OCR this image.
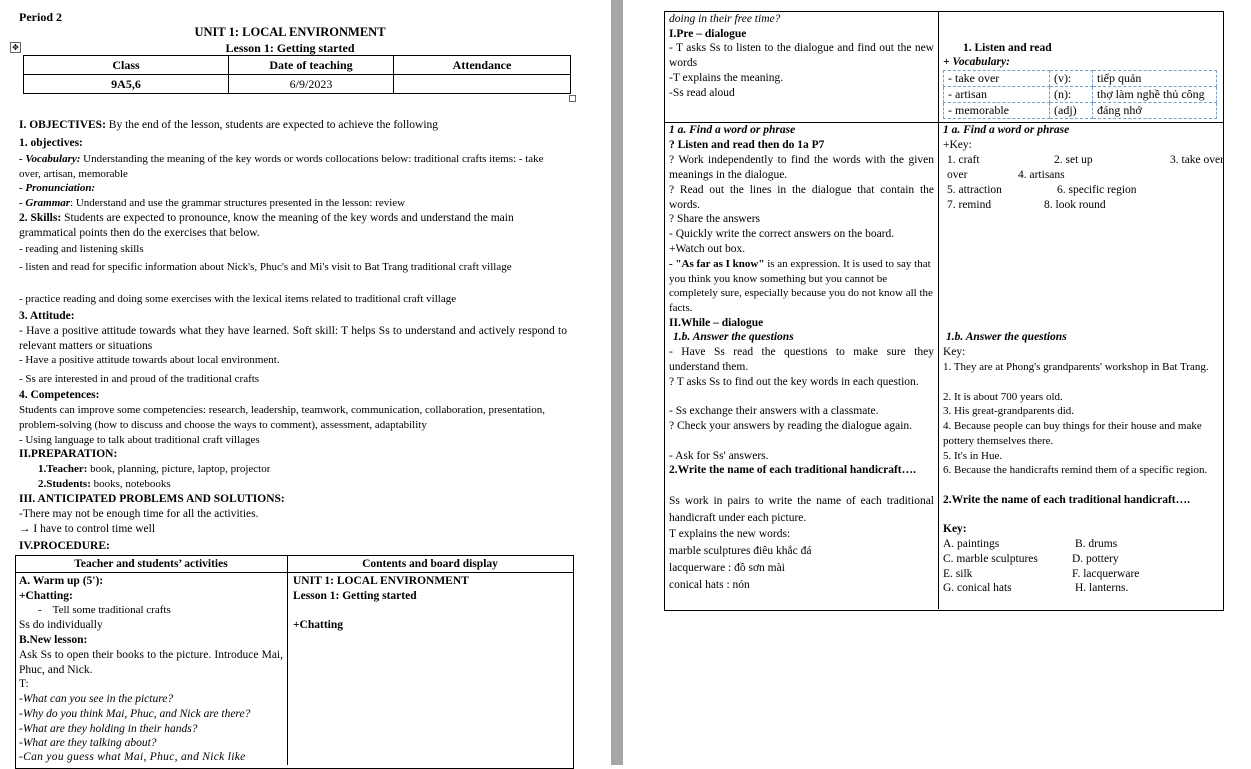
✥
Period 2
UNIT 1: LOCAL ENVIRONMENT
Lesson 1: Getting started
Class	Date of teaching	Attendance
9A5,6	6/9/2023	
I. OBJECTIVES: By the end of the lesson, students are expected to achieve the following
1. objectives:
- Vocabulary: Understanding the meaning of the key words or words collocations below: traditional crafts items: - take over, artisan, memorable
- Pronunciation:
- Grammar: Understand and use the grammar structures presented in the lesson: review
2. Skills: Students are expected to pronounce, know the meaning of the key words and understand the main grammatical points then do the exercises that below.
- reading and listening skills
- listen and read for specific information about Nick's, Phuc's and Mi's visit to Bat Trang traditional craft village
- practice reading and doing some exercises with the lexical items related to traditional craft village
3. Attitude:
- Have a positive attitude towards what they have learned. Soft skill: T helps Ss to understand and actively respond to relevant matters or situations
- Have a positive attitude towards about local environment.
- Ss are interested in and proud of the traditional crafts
4. Competences:
Students can improve some competencies: research, leadership, teamwork, communication, collaboration, presentation, problem-solving (how to discuss and choose the ways to comment), assessment, adaptability
- Using language to talk about traditional craft villages
II.PREPARATION:
1.Teacher: book, planning, picture, laptop, projector
2.Students: books, notebooks
III. ANTICIPATED PROBLEMS AND SOLUTIONS:
-There may not be enough time for all the activities.
→ I have to control time well
IV.PROCEDURE:
Teacher and students’ activities	Contents and board display
A. Warm up (5'):
+Chatting:
-    Tell some traditional crafts
Ss do individually
B.New lesson:
Ask Ss to open their books to the picture. Introduce Mai, Phuc, and Nick.
T:
-What can you see in the picture?
-Why do you think Mai, Phuc, and Nick are there?
-What are they holding in their hands?
-What are they talking about?
-Can you guess what Mai, Phuc, and Nick like
UNIT 1: LOCAL ENVIRONMENT
Lesson 1: Getting started
+Chatting
doing in their free time?
I.Pre – dialogue
- T asks Ss to listen to the dialogue and find out the new words
-T explains the meaning.
-Ss read aloud
1 a. Find a word or phrase
? Listen and read then do 1a P7
? Work independently to find the words with the given meanings in the dialogue.
? Read out the lines in the dialogue that contain the words.
? Share the answers
- Quickly write the correct answers on the board.
+Watch out box.
- "As far as I know" is an expression. It is used to say that you think you know something but you cannot be completely sure, especially because you do not know all the facts.
II.While – dialogue
1.b. Answer the questions
- Have Ss read the questions to make sure they understand them.
? T asks Ss to find out the key words in each question.
- Ss exchange their answers with a classmate.
? Check your answers by reading the dialogue again.
- Ask for Ss' answers.
2.Write the name of each traditional handicraft….
Ss work in pairs to write the name of each traditional handicraft under each picture.
T explains the new words:
marble sculptures điêu khắc đá
lacquerware : đồ sơn mài
conical hats : nón
1. Listen and read
+ Vocabulary:
- take over	(v):	tiếp quản
- artisan	(n):	thợ làm nghề thủ công
- memorable	(adj)	đáng nhớ
1 a. Find a word or phrase
+Key:
1. craft	2. set up	3. take over
over	4. artisans
5. attraction	6. specific region
7. remind	8. look round
1.b. Answer the questions
Key:
1. They are at Phong's grandparents' workshop in Bat Trang.
2. It is about 700 years old.
3. His great-grandparents did.
4. Because people can buy things for their house and make pottery themselves there.
5. It's in Hue.
6. Because the handicrafts remind them of a specific region.
2.Write the name of each traditional handicraft….
Key:
A. paintings	B. drums
C. marble sculptures	D. pottery
E. silk	F. lacquerware
G. conical hats	H. lanterns.
